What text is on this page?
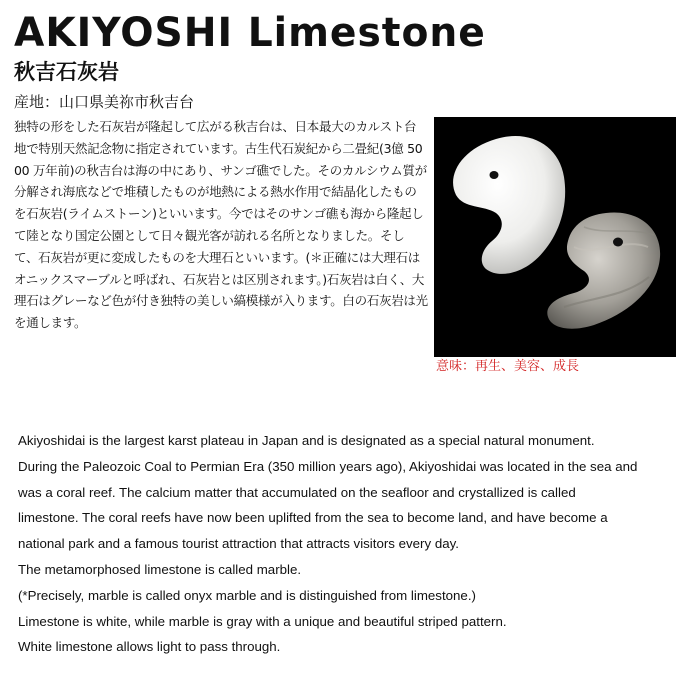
AKIYOSHI Limestone
秋吉石灰岩
産地：山口県美祢市秋吉台

独特の形をした石灰岩が隆起して広がる秋吉台は、日本最大のカルスト台地で特別天然記念物に指定されています。古生代石炭紀から二畳紀(3億 5000 万年前)の秋吉台は海の中にあり、サンゴ礁でした。そのカルシウム質が分解され海底などで堆積したものが地熱による熱水作用で結晶化したものを石灰岩(ライムストーン)といいます。今ではそのサンゴ礁も海から隆起して陸となり国定公園として日々観光客が訪れる名所となりました。そして、石灰岩が更に変成したものを大理石といいます。(＊正確には大理石はオニックスマーブルと呼ばれ、石灰岩とは区別されます。)石灰岩は白く、大理石はグレーなど色が付き独特の美しい縞模様が入ります。白の石灰岩は光を通します。

意味：再生、美容、成長

Akiyoshidai is the largest karst plateau in Japan and is designated as a special natural monument.

During the Paleozoic Coal to Permian Era (350 million years ago), Akiyoshidai was located in the sea and

was a coral reef. The calcium matter that accumulated on the seafloor and crystallized is called

limestone. The coral reefs have now been uplifted from the sea to become land, and have become a

national park and a famous tourist attraction that attracts visitors every day.

The metamorphosed limestone is called marble.

(*Precisely, marble is called onyx marble and is distinguished from limestone.)

Limestone is white, while marble is gray with a unique and beautiful striped pattern.

White limestone allows light to pass through.
